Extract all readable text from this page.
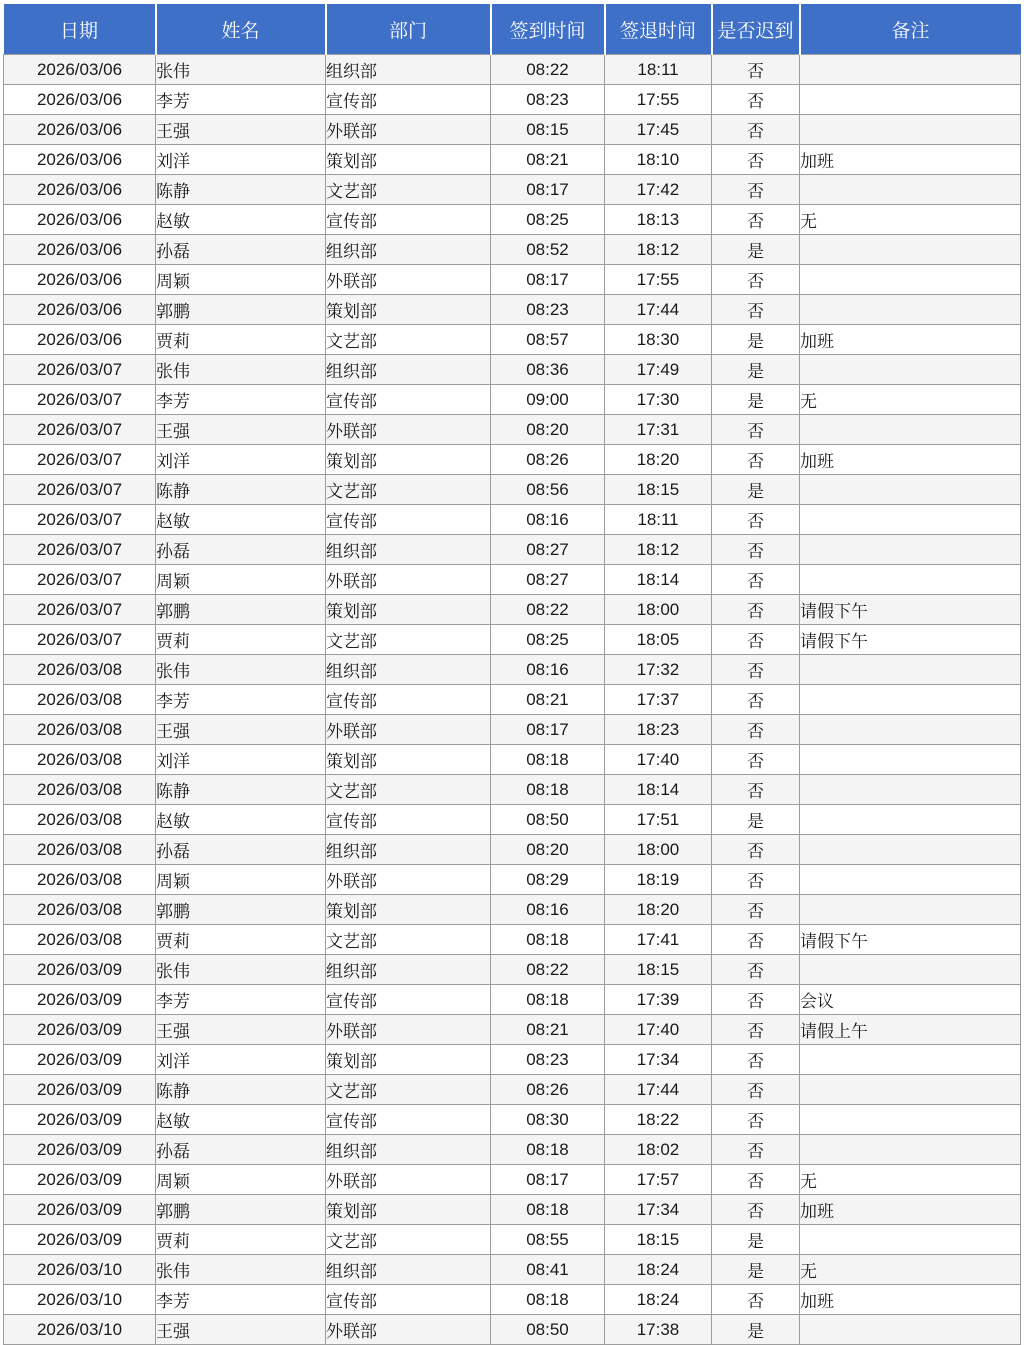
日期	姓名	部门	签到时间	签退时间	是否迟到	备注
2026/03/06	张伟	组织部	08:22	18:11	否	
2026/03/06	李芳	宣传部	08:23	17:55	否	
2026/03/06	王强	外联部	08:15	17:45	否	
2026/03/06	刘洋	策划部	08:21	18:10	否	加班
2026/03/06	陈静	文艺部	08:17	17:42	否	
2026/03/06	赵敏	宣传部	08:25	18:13	否	无
2026/03/06	孙磊	组织部	08:52	18:12	是	
2026/03/06	周颖	外联部	08:17	17:55	否	
2026/03/06	郭鹏	策划部	08:23	17:44	否	
2026/03/06	贾莉	文艺部	08:57	18:30	是	加班
2026/03/07	张伟	组织部	08:36	17:49	是	
2026/03/07	李芳	宣传部	09:00	17:30	是	无
2026/03/07	王强	外联部	08:20	17:31	否	
2026/03/07	刘洋	策划部	08:26	18:20	否	加班
2026/03/07	陈静	文艺部	08:56	18:15	是	
2026/03/07	赵敏	宣传部	08:16	18:11	否	
2026/03/07	孙磊	组织部	08:27	18:12	否	
2026/03/07	周颖	外联部	08:27	18:14	否	
2026/03/07	郭鹏	策划部	08:22	18:00	否	请假下午
2026/03/07	贾莉	文艺部	08:25	18:05	否	请假下午
2026/03/08	张伟	组织部	08:16	17:32	否	
2026/03/08	李芳	宣传部	08:21	17:37	否	
2026/03/08	王强	外联部	08:17	18:23	否	
2026/03/08	刘洋	策划部	08:18	17:40	否	
2026/03/08	陈静	文艺部	08:18	18:14	否	
2026/03/08	赵敏	宣传部	08:50	17:51	是	
2026/03/08	孙磊	组织部	08:20	18:00	否	
2026/03/08	周颖	外联部	08:29	18:19	否	
2026/03/08	郭鹏	策划部	08:16	18:20	否	
2026/03/08	贾莉	文艺部	08:18	17:41	否	请假下午
2026/03/09	张伟	组织部	08:22	18:15	否	
2026/03/09	李芳	宣传部	08:18	17:39	否	会议
2026/03/09	王强	外联部	08:21	17:40	否	请假上午
2026/03/09	刘洋	策划部	08:23	17:34	否	
2026/03/09	陈静	文艺部	08:26	17:44	否	
2026/03/09	赵敏	宣传部	08:30	18:22	否	
2026/03/09	孙磊	组织部	08:18	18:02	否	
2026/03/09	周颖	外联部	08:17	17:57	否	无
2026/03/09	郭鹏	策划部	08:18	17:34	否	加班
2026/03/09	贾莉	文艺部	08:55	18:15	是	
2026/03/10	张伟	组织部	08:41	18:24	是	无
2026/03/10	李芳	宣传部	08:18	18:24	否	加班
2026/03/10	王强	外联部	08:50	17:38	是	
